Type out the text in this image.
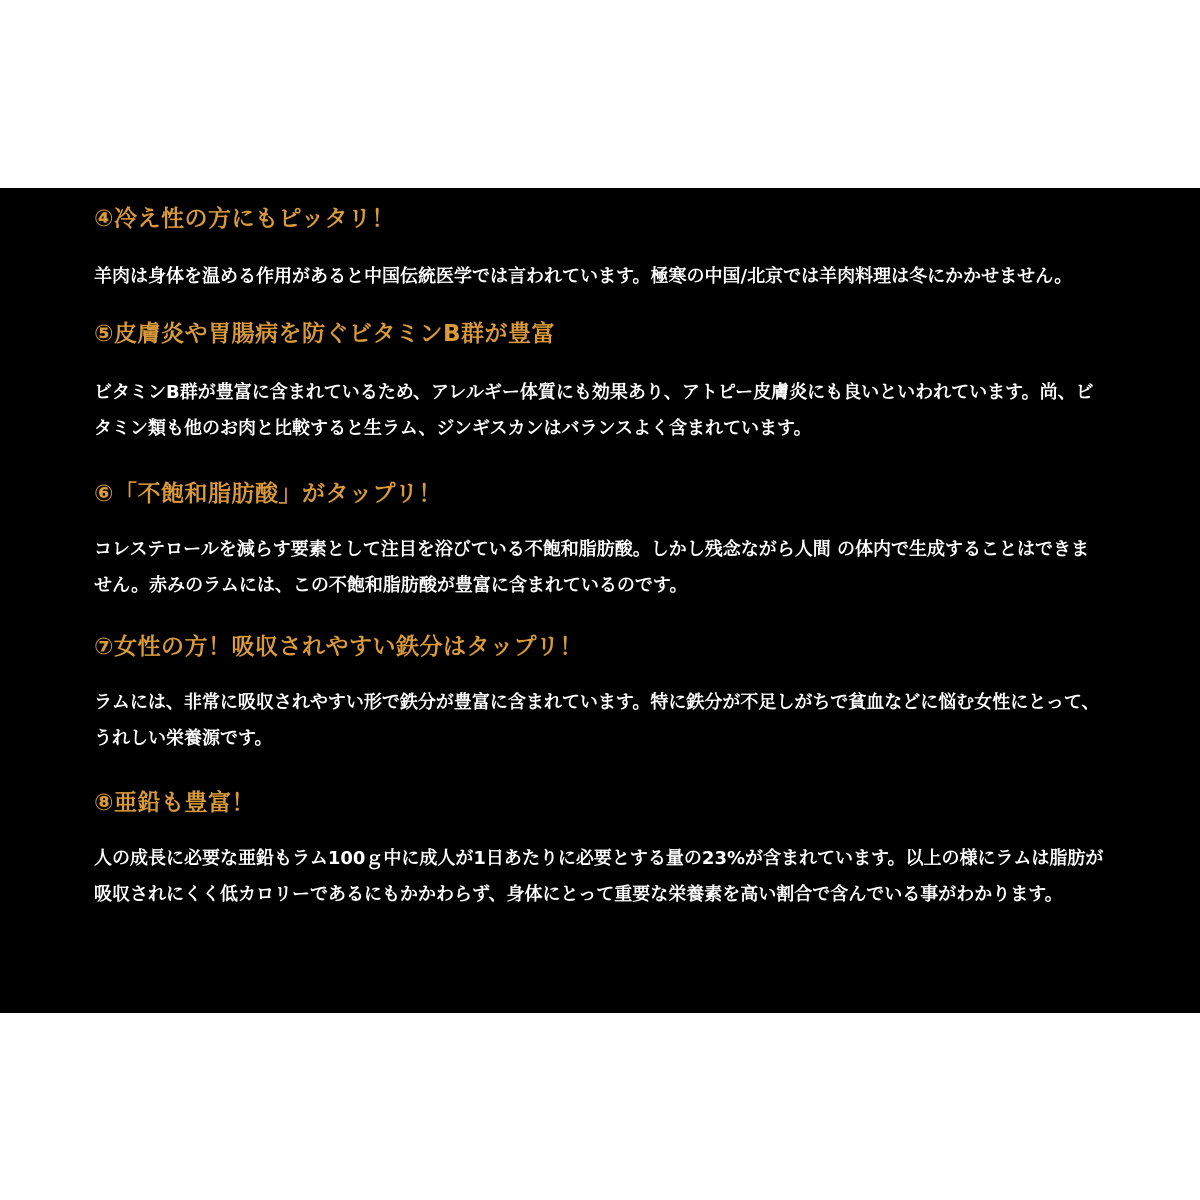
④冷え性の方にもピッタリ！

羊肉は身体を温める作用があると中国伝統医学では言われています。極寒の中国/北京では羊肉料理は冬にかかせません。

⑤皮膚炎や胃腸病を防ぐビタミンB群が豊富

ビタミンB群が豊富に含まれているため、アレルギー体質にも効果あり、アトピー皮膚炎にも良いといわれています。尚、ビタミン類も他のお肉と比較すると生ラム、ジンギスカンはバランスよく含まれています。

⑥「不飽和脂肪酸」がタップリ！

コレステロールを減らす要素として注目を浴びている不飽和脂肪酸。しかし残念ながら人間 の体内で生成することはできません。赤みのラムには、この不飽和脂肪酸が豊富に含まれているのです。

⑦女性の方！吸収されやすい鉄分はタップリ！

ラムには、非常に吸収されやすい形で鉄分が豊富に含まれています。特に鉄分が不足しがちで貧血などに悩む女性にとって、うれしい栄養源です。

⑧亜鉛も豊富！

人の成長に必要な亜鉛もラム100ｇ中に成人が1日あたりに必要とする量の23%が含まれています。以上の様にラムは脂肪が吸収されにくく低カロリーであるにもかかわらず、身体にとって重要な栄養素を高い割合で含んでいる事がわかります。
